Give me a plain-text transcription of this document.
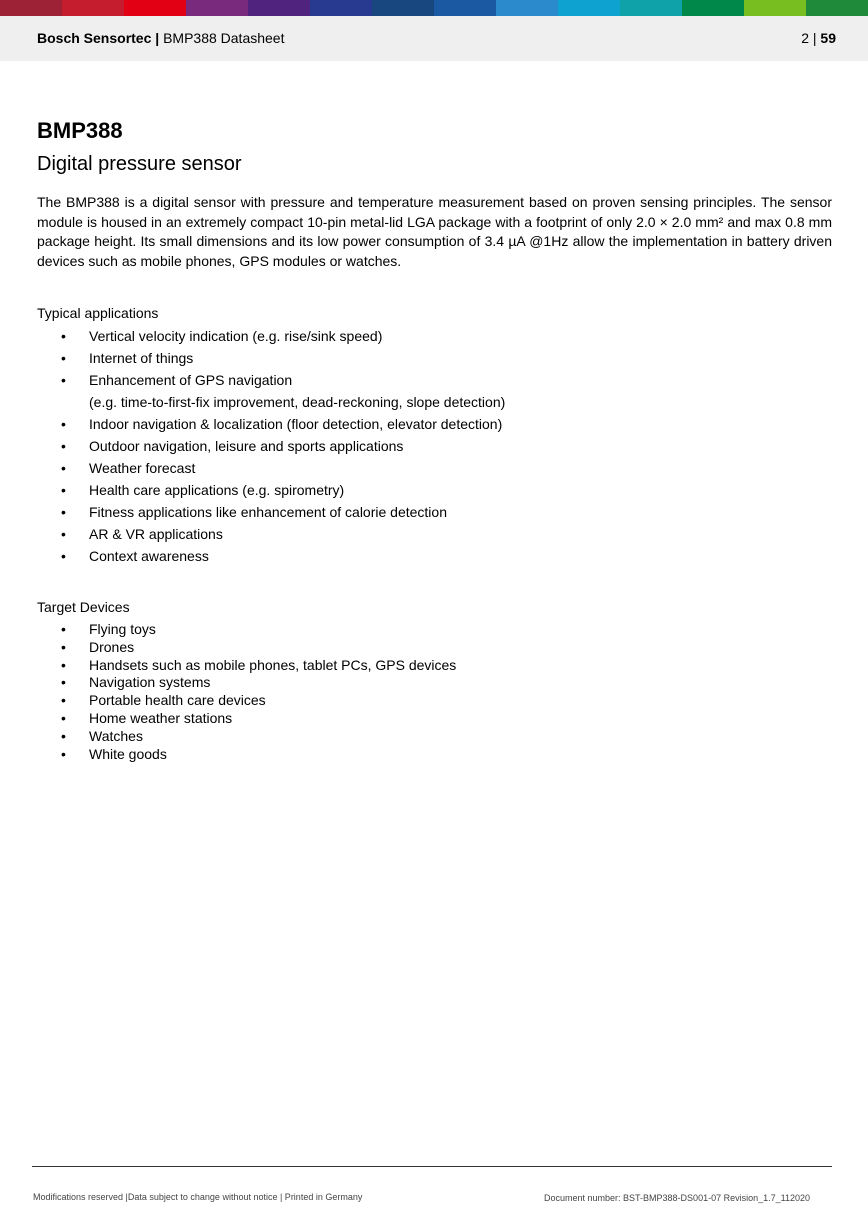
Bosch Sensortec | BMP388 Datasheet	2 | 59
BMP388
Digital pressure sensor

The BMP388 is a digital sensor with pressure and temperature measurement based on proven sensing principles. The sensor module is housed in an extremely compact 10-pin metal-lid LGA package with a footprint of only 2.0 × 2.0 mm² and max 0.8 mm package height. Its small dimensions and its low power consumption of 3.4 µA @1Hz allow the implementation in battery driven devices such as mobile phones, GPS modules or watches.

Typical applications
• Vertical velocity indication (e.g. rise/sink speed)
• Internet of things
• Enhancement of GPS navigation
(e.g. time-to-first-fix improvement, dead-reckoning, slope detection)
• Indoor navigation & localization (floor detection, elevator detection)
• Outdoor navigation, leisure and sports applications
• Weather forecast
• Health care applications (e.g. spirometry)
• Fitness applications like enhancement of calorie detection
• AR & VR applications
• Context awareness
Target Devices
• Flying toys
• Drones
• Handsets such as mobile phones, tablet PCs, GPS devices
• Navigation systems
• Portable health care devices
• Home weather stations
• Watches
• White goods
Modifications reserved |Data subject to change without notice | Printed in Germany	Document number: BST-BMP388-DS001-07 Revision_1.7_112020
